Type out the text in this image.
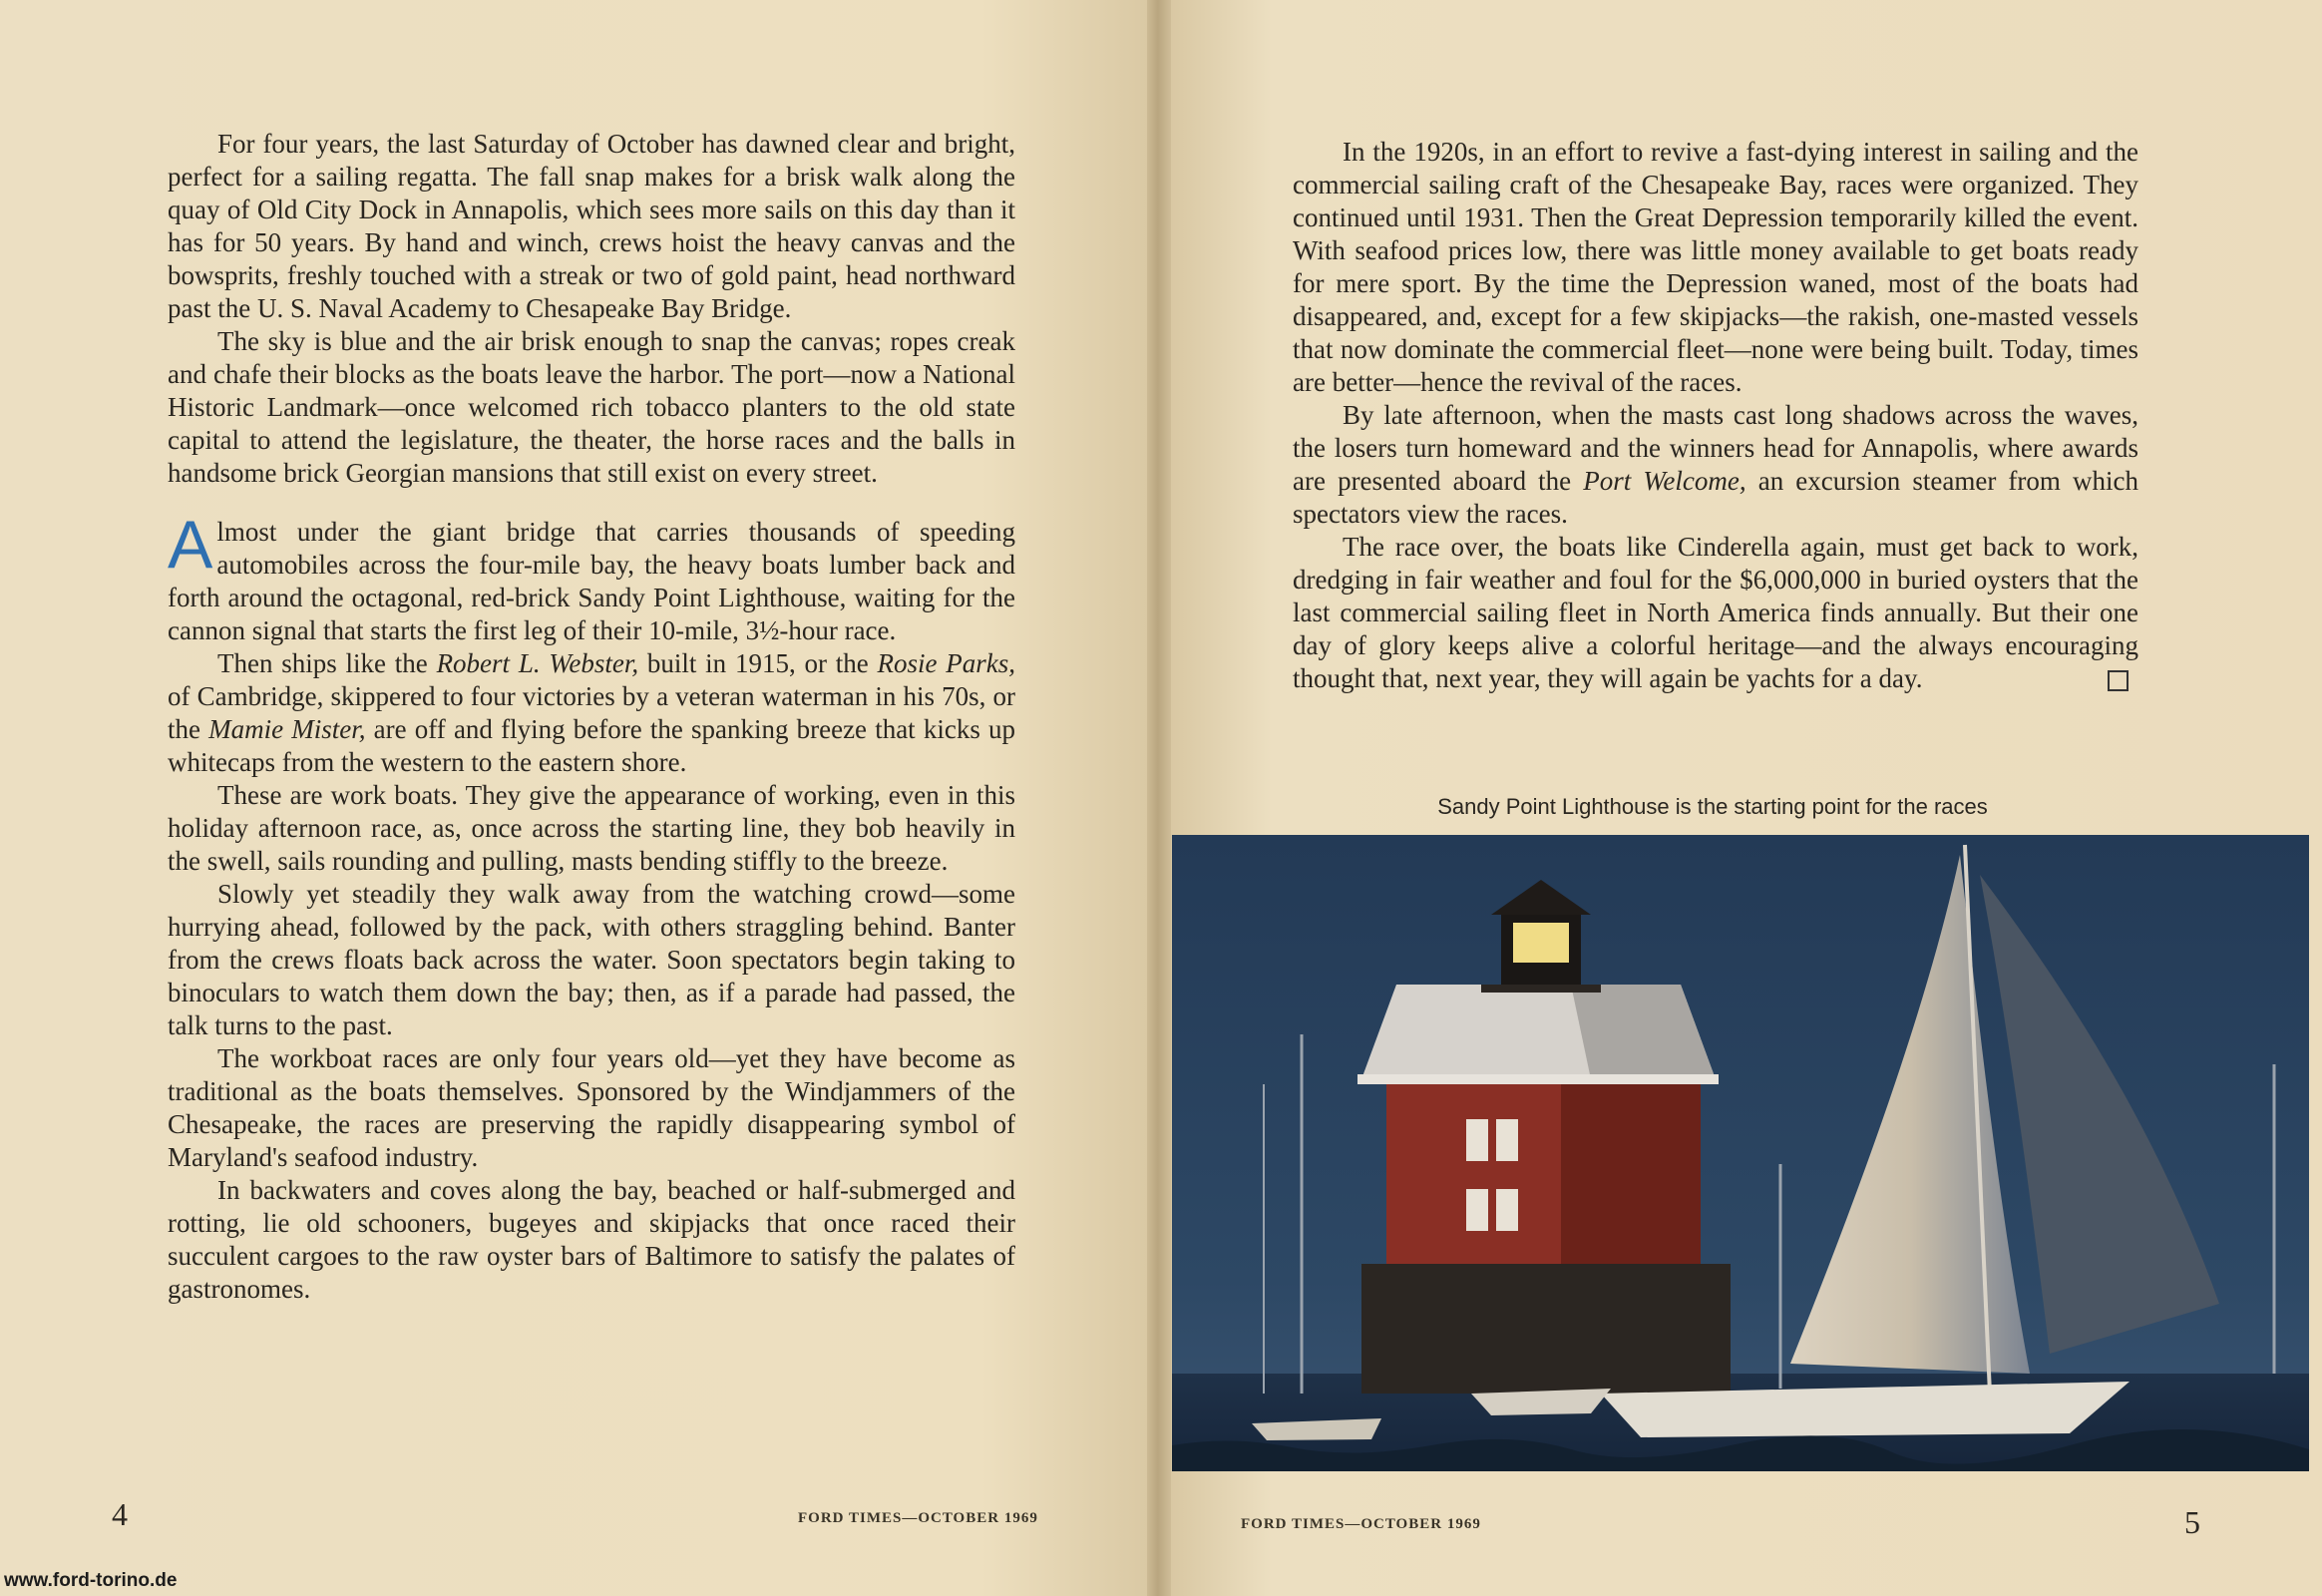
For four years, the last Saturday of October has dawned clear and bright, perfect for a sailing regatta. The fall snap makes for a brisk walk along the quay of Old City Dock in Annapolis, which sees more sails on this day than it has for 50 years. By hand and winch, crews hoist the heavy canvas and the bowsprits, freshly touched with a streak or two of gold paint, head northward past the U. S. Naval Academy to Chesapeake Bay Bridge.

The sky is blue and the air brisk enough to snap the canvas; ropes creak and chafe their blocks as the boats leave the harbor. The port—now a National Historic Landmark—once welcomed rich tobacco planters to the old state capital to attend the legislature, the theater, the horse races and the balls in handsome brick Georgian mansions that still exist on every street.

Almost under the giant bridge that carries thousands of speeding automobiles across the four-mile bay, the heavy boats lumber back and forth around the octagonal, red-brick Sandy Point Lighthouse, waiting for the cannon signal that starts the first leg of their 10-mile, 3½-hour race.

Then ships like the Robert L. Webster, built in 1915, or the Rosie Parks, of Cambridge, skippered to four victories by a veteran waterman in his 70s, or the Mamie Mister, are off and flying before the spanking breeze that kicks up whitecaps from the western to the eastern shore.

These are work boats. They give the appearance of working, even in this holiday afternoon race, as, once across the starting line, they bob heavily in the swell, sails rounding and pulling, masts bending stiffly to the breeze.

Slowly yet steadily they walk away from the watching crowd—some hurrying ahead, followed by the pack, with others straggling behind. Banter from the crews floats back across the water. Soon spectators begin taking to binoculars to watch them down the bay; then, as if a parade had passed, the talk turns to the past.

The workboat races are only four years old—yet they have become as traditional as the boats themselves. Sponsored by the Windjammers of the Chesapeake, the races are preserving the rapidly disappearing symbol of Maryland's seafood industry.

In backwaters and coves along the bay, beached or half-submerged and rotting, lie old schooners, bugeyes and skipjacks that once raced their succulent cargoes to the raw oyster bars of Baltimore to satisfy the palates of gastronomes.

4	FORD TIMES—OCTOBER 1969

In the 1920s, in an effort to revive a fast-dying interest in sailing and the commercial sailing craft of the Chesapeake Bay, races were organized. They continued until 1931. Then the Great Depression temporarily killed the event. With seafood prices low, there was little money available to get boats ready for mere sport. By the time the Depression waned, most of the boats had disappeared, and, except for a few skipjacks—the rakish, one-masted vessels that now dominate the commercial fleet—none were being built. Today, times are better—hence the revival of the races.

By late afternoon, when the masts cast long shadows across the waves, the losers turn homeward and the winners head for Annapolis, where awards are presented aboard the Port Welcome, an excursion steamer from which spectators view the races.

The race over, the boats like Cinderella again, must get back to work, dredging in fair weather and foul for the $6,000,000 in buried oysters that the last commercial sailing fleet in North America finds annually. But their one day of glory keeps alive a colorful heritage—and the always encouraging thought that, next year, they will again be yachts for a day.

Sandy Point Lighthouse is the starting point for the races
FORD TIMES—OCTOBER 1969	5
www.ford-torino.de
